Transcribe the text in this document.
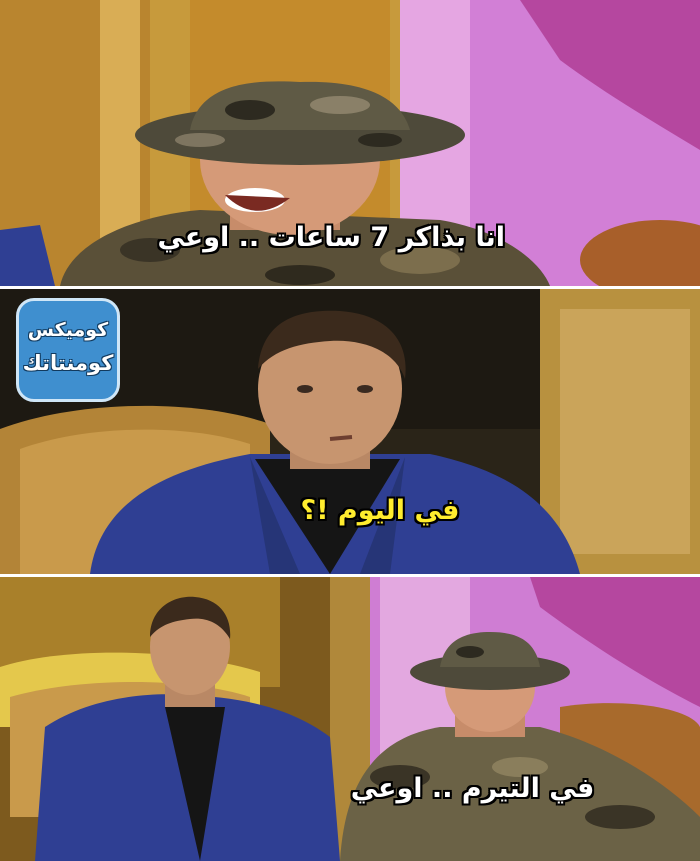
انا بذاكر 7 ساعات .. اوعي
في اليوم !؟
كوميكس
كومنتاتك
في التيرم .. اوعي
